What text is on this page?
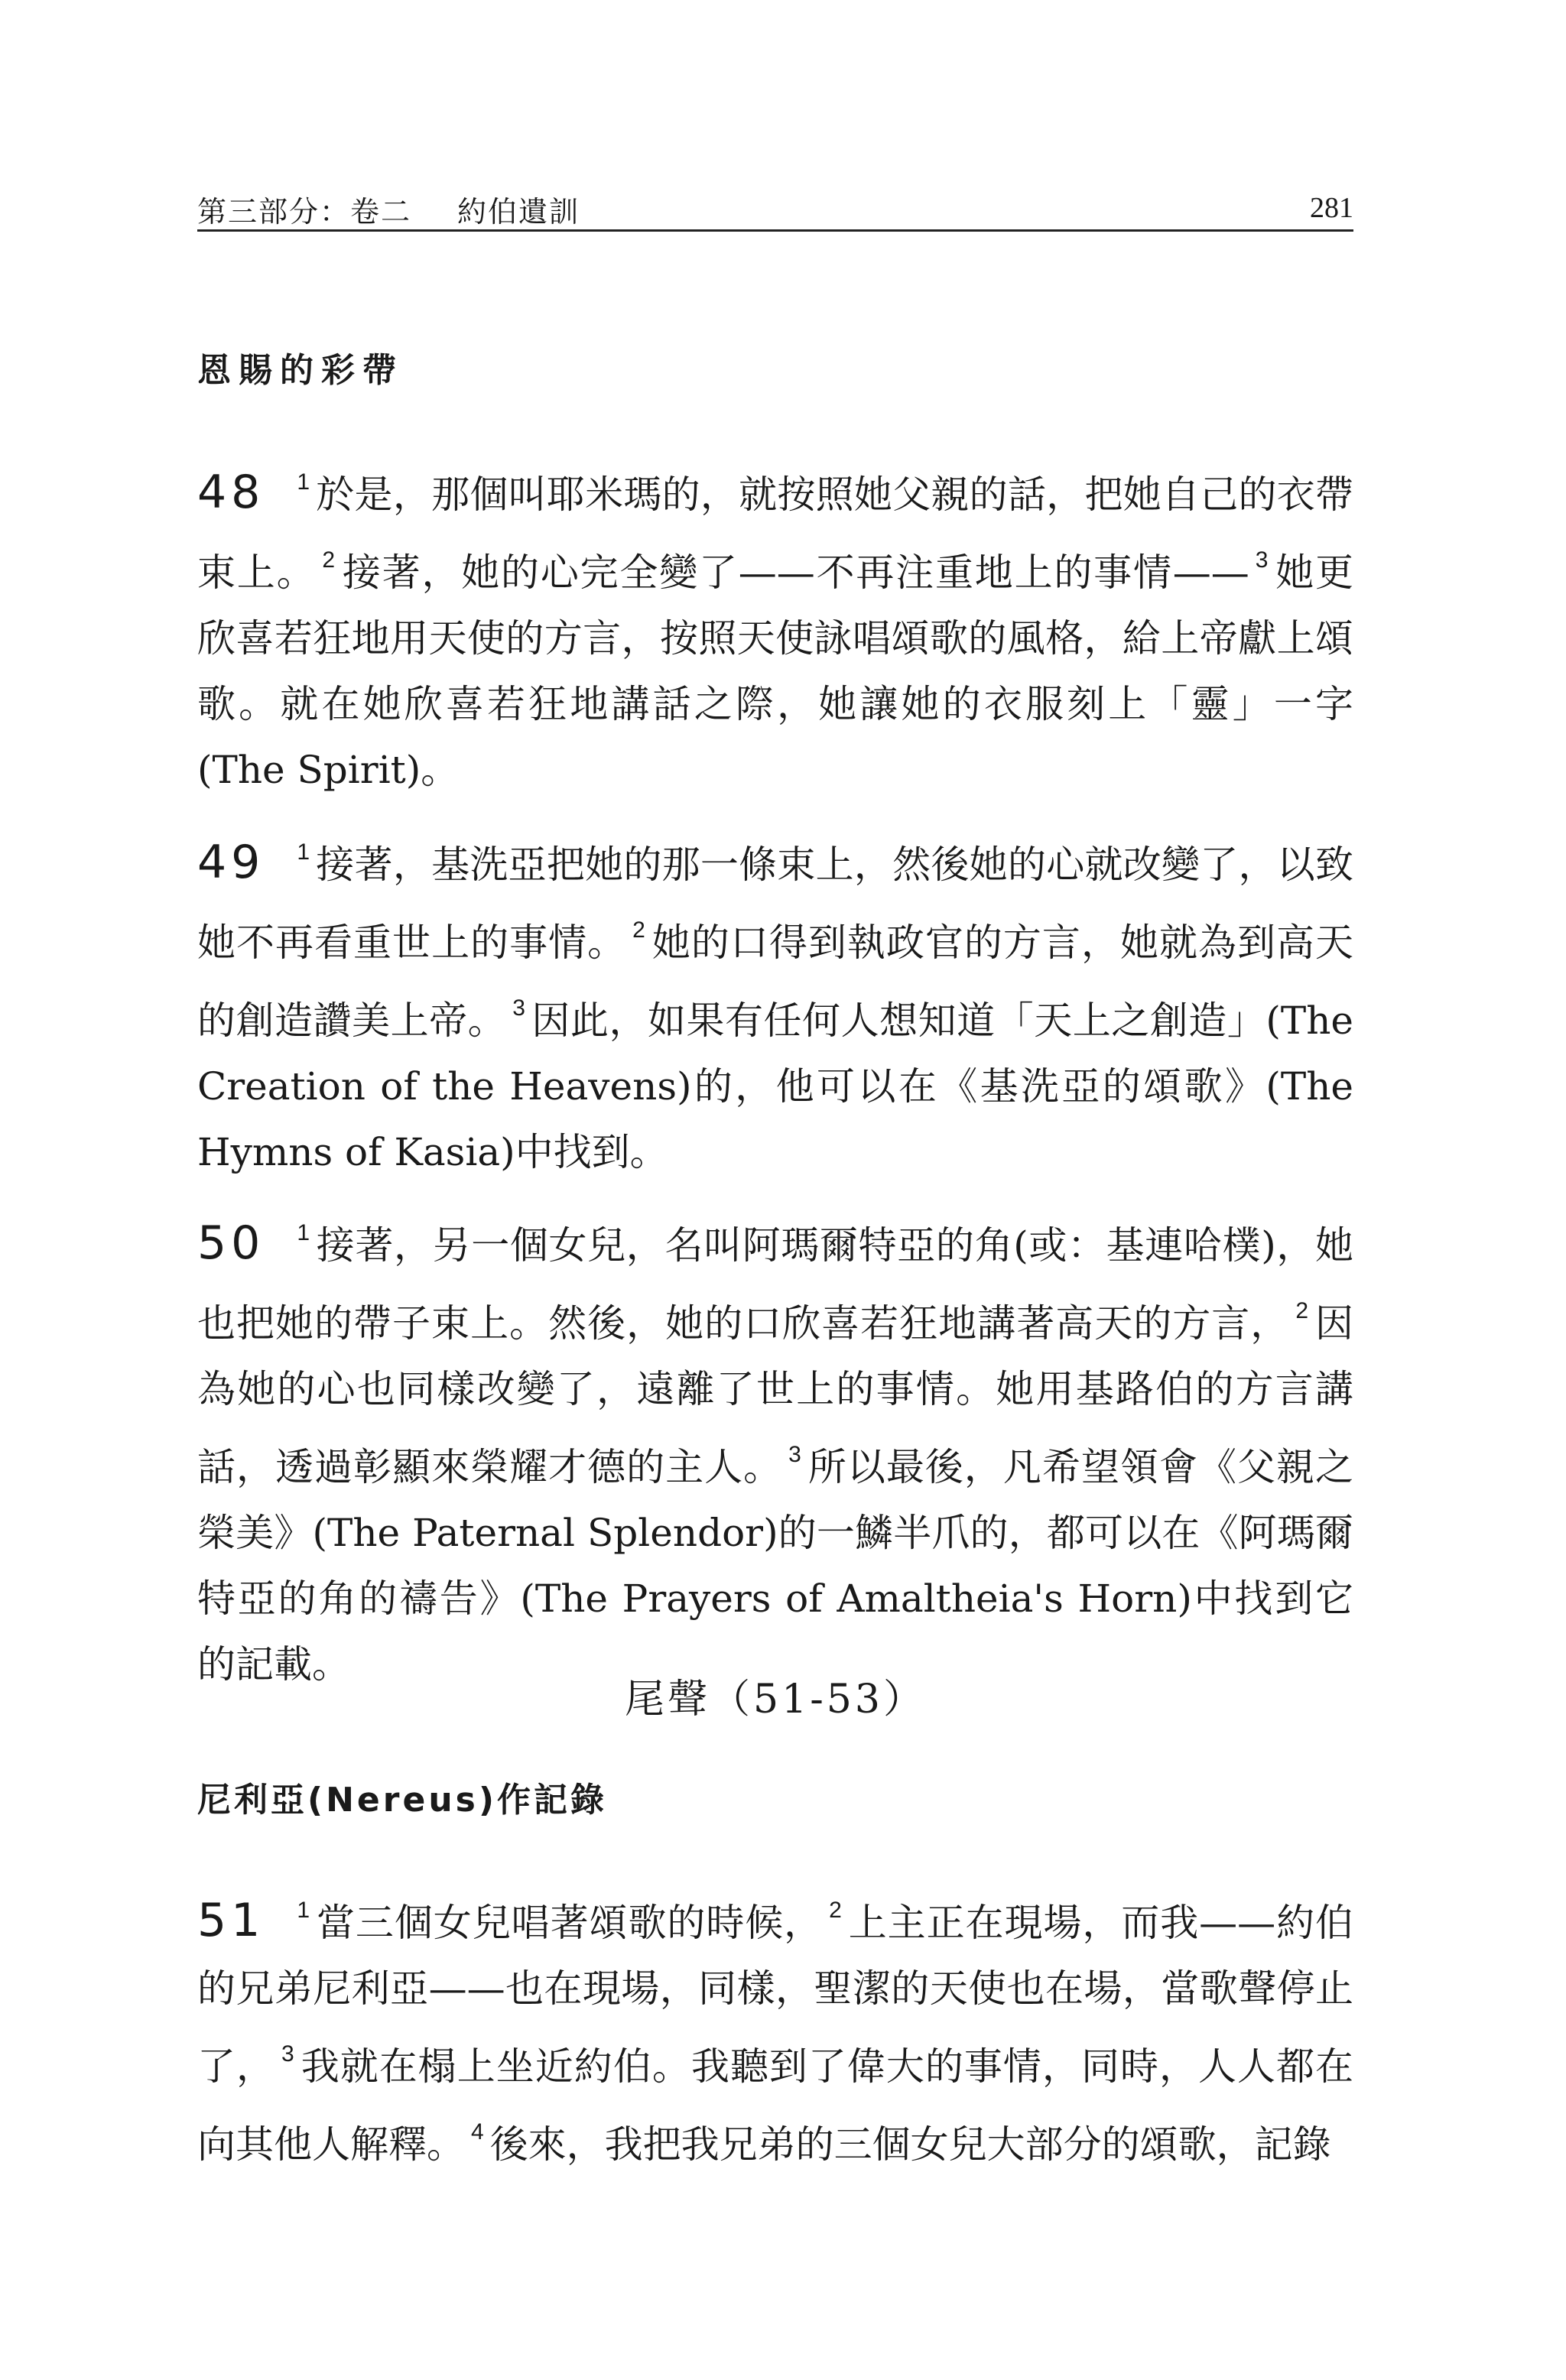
第三部分：卷二 約伯遺訓	281
恩賜的彩帶

48 $^1$ 於是，那個叫耶米瑪的，就按照她父親的話，把她自己的衣帶束上。 $^2$ 接著，她的心完全變了——不再注重地上的事情—— $^3$ 她更欣喜若狂地用天使的方言，按照天使詠唱頌歌的風格，給上帝獻上頌歌。就在她欣喜若狂地講話之際，她讓她的衣服刻上「靈」一字(The Spirit)。

49 $^1$ 接著，基洗亞把她的那一條束上，然後她的心就改變了，以致她不再看重世上的事情。 $^2$ 她的口得到執政官的方言，她就為到高天的創造讚美上帝。 $^3$ 因此，如果有任何人想知道「天上之創造」(The Creation of the Heavens)的，他可以在《基洗亞的頌歌》(The Hymns of Kasia)中找到。

50 $^1$ 接著，另一個女兒，名叫阿瑪爾特亞的角(或：基連哈樸)，她也把她的帶子束上。然後，她的口欣喜若狂地講著高天的方言， $^2$ 因為她的心也同樣改變了，遠離了世上的事情。她用基路伯的方言講話，透過彰顯來榮耀才德的主人。 $^3$ 所以最後，凡希望領會《父親之榮美》(The Paternal Splendor)的一鱗半爪的，都可以在《阿瑪爾特亞的角的禱告》(The Prayers of Amaltheia's Horn)中找到它的記載。

尾聲（51-53）
尼利亞(Nereus)作記錄

51 $^1$ 當三個女兒唱著頌歌的時候， $^2$ 上主正在現場，而我——約伯的兄弟尼利亞——也在現場，同樣，聖潔的天使也在場，當歌聲停止了， $^3$ 我就在榻上坐近約伯。我聽到了偉大的事情，同時，人人都在向其他人解釋。 $^4$ 後來，我把我兄弟的三個女兒大部分的頌歌，記錄
